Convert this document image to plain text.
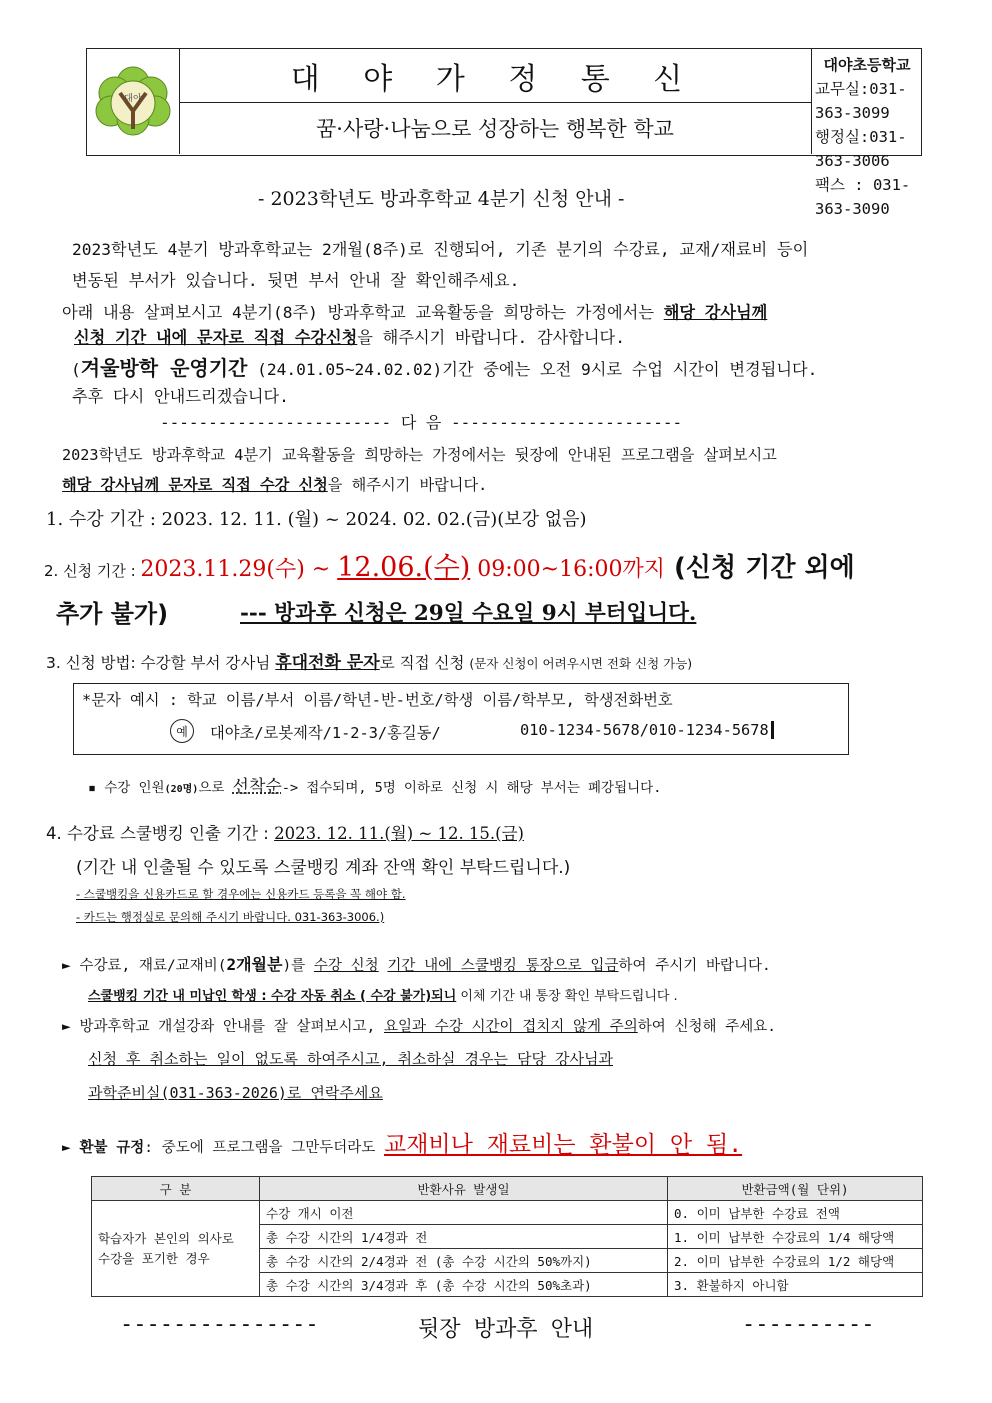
대야
대 야 가 정 통 신
꿈·사랑·나눔으로 성장하는 행복한 학교
대야초등학교
교무실:031-363-3099
행정실:031-363-3006
팩스 : 031-363-3090
- 2023학년도 방과후학교 4분기 신청 안내 -
2023학년도 4분기 방과후학교는 2개월(8주)로 진행되어, 기존 분기의 수강료, 교재/재료비 등이
변동된 부서가 있습니다. 뒷면 부서 안내 잘 확인해주세요.
아래 내용 살펴보시고 4분기(8주) 방과후학교 교육활동을 희망하는 가정에서는 해당 강사님께
신청 기간 내에 문자로 직접 수강신청을 해주시기 바랍니다. 감사합니다.
(겨울방학 운영기간 (24.01.05~24.02.02)기간 중에는 오전 9시로 수업 시간이 변경됩니다.
추후 다시 안내드리겠습니다.
------------------------ 다 음 ------------------------
2023학년도 방과후학교 4분기 교육활동을 희망하는 가정에서는 뒷장에 안내된 프로그램을 살펴보시고
해당 강사님께 문자로 직접 수강 신청을 해주시기 바랍니다.
1. 수강 기간 : 2023. 12. 11. (월) ~ 2024. 02. 02.(금)(보강 없음)
2. 신청 기간 : 2023.11.29(수) ~ 12.06.(수) 09:00~16:00까지 (신청 기간 외에
추가 불가)	--- 방과후 신청은 29일 수요일 9시 부터입니다.
3. 신청 방법: 수강할 부서 강사님 휴대전화 문자로 직접 신청 (문자 신청이 어려우시면 전화 신청 가능)
*문자 예시 : 학교 이름/부서 이름/학년-반-번호/학생 이름/학부모, 학생전화번호
예	대야초/로봇제작/1-2-3/홍길동/	010-1234-5678/010-1234-5678
▪ 수강 인원(20명)으로 선착순-> 접수되며, 5명 이하로 신청 시 해당 부서는 폐강됩니다.
4. 수강료 스쿨뱅킹 인출 기간 : 2023. 12. 11.(월) ~ 12. 15.(금)
(기간 내 인출될 수 있도록 스쿨뱅킹 계좌 잔액 확인 부탁드립니다.)
- 스쿨뱅킹을 신용카드로 할 경우에는 신용카드 등록을 꼭 해야 함.
- 카드는 행정실로 문의해 주시기 바랍니다. 031-363-3006.)
► 수강료, 재료/교재비(2개월분)를 수강 신청 기간 내에 스쿨뱅킹 통장으로 입금하여 주시기 바랍니다.
스쿨뱅킹 기간 내 미납인 학생 : 수강 자동 취소 ( 수강 불가)되니 이체 기간 내 통장 확인 부탁드립니다 .
► 방과후학교 개설강좌 안내를 잘 살펴보시고, 요일과 수강 시간이 겹치지 않게 주의하여 신청해 주세요.
신청 후 취소하는 일이 없도록 하여주시고, 취소하실 경우는 담당 강사님과
과학준비실(031-363-2026)로 연락주세요
► 환불 규정: 중도에 프로그램을 그만두더라도 교재비나 재료비는 환불이 안 됨.
구 분	반환사유 발생일	반환금액(월 단위)

학습자가 본인의 의사로
수강을 포기한 경우	수강 개시 이전	0. 이미 납부한 수강료 전액
	총 수강 시간의 1/4경과 전	1. 이미 납부한 수강료의 1/4 해당액
	총 수강 시간의 2/4경과 전 (총 수강 시간의 50%까지)	2. 이미 납부한 수강료의 1/2 해당액
	총 수강 시간의 3/4경과 후 (총 수강 시간의 50%초과)	3. 환불하지 아니함
---------------	뒷장 방과후 안내	----------
